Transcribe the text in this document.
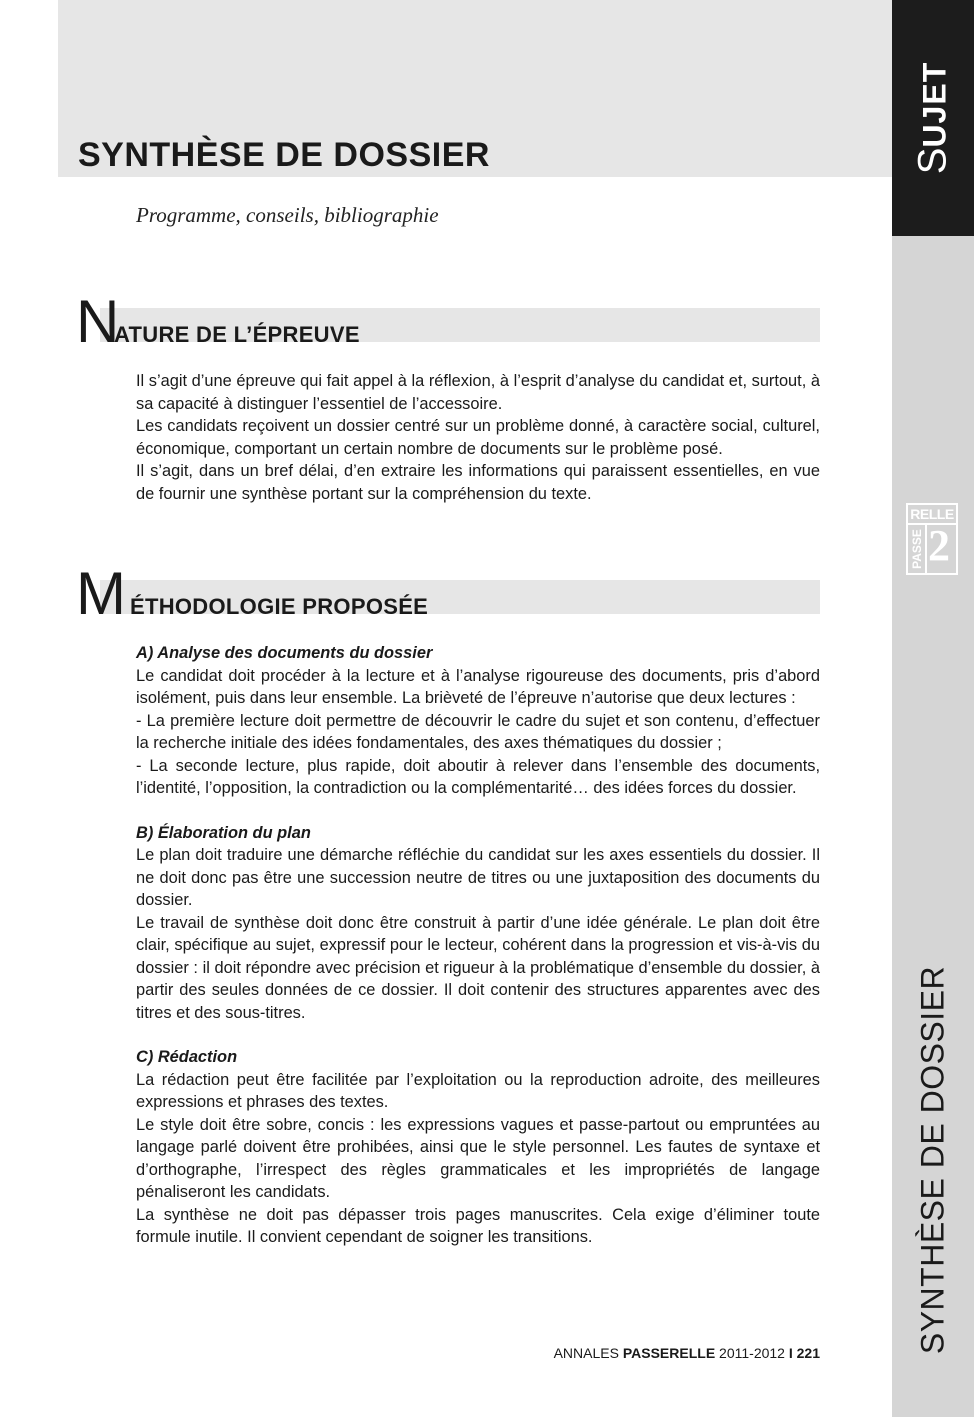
SYNTHÈSE DE DOSSIER
Programme, conseils, bibliographie
SUJET
RELLE
PASSE 2
SYNTHÈSE DE DOSSIER
N
ATURE DE L’ÉPREUVE

Il s’agit d’une épreuve qui fait appel à la réflexion, à l’esprit d’analyse du candidat et, surtout, à sa capacité à distinguer l’essentiel de l’accessoire.

Les candidats reçoivent un dossier centré sur un problème donné, à caractère social, culturel, économique, comportant un certain nombre de documents sur le problème posé.

Il s’agit, dans un bref délai, d’en extraire les informations qui paraissent essentielles, en vue de fournir une synthèse portant sur la compréhension du texte.

M ÉTHODOLOGIE PROPOSÉE

A) Analyse des documents du dossier

Le candidat doit procéder à la lecture et à l’analyse rigoureuse des documents, pris d’abord isolément, puis dans leur ensemble. La brièveté de l’épreuve n’autorise que deux lectures :

- La première lecture doit permettre de découvrir le cadre du sujet et son contenu, d’effectuer la recherche initiale des idées fondamentales, des axes thématiques du dossier ;

- La seconde lecture, plus rapide, doit aboutir à relever dans l’ensemble des documents, l’identité, l’opposition, la contradiction ou la complémentarité… des idées forces du dossier.

B) Élaboration du plan

Le plan doit traduire une démarche réfléchie du candidat sur les axes essentiels du dossier. Il ne doit donc pas être une succession neutre de titres ou une juxtaposition des documents du dossier.

Le travail de synthèse doit donc être construit à partir d’une idée générale. Le plan doit être clair, spécifique au sujet, expressif pour le lecteur, cohérent dans la progression et vis-à-vis du dossier : il doit répondre avec précision et rigueur à la problématique d’ensemble du dossier, à partir des seules données de ce dossier. Il doit contenir des structures apparentes avec des titres et des sous-titres.

C) Rédaction

La rédaction peut être facilitée par l’exploitation ou la reproduction adroite, des meilleures expressions et phrases des textes.

Le style doit être sobre, concis : les expressions vagues et passe-partout ou empruntées au langage parlé doivent être prohibées, ainsi que le style personnel. Les fautes de syntaxe et d’orthographe, l’irrespect des règles grammaticales et les impropriétés de langage pénaliseront les candidats.

La synthèse ne doit pas dépasser trois pages manuscrites. Cela exige d’éliminer toute formule inutile. Il convient cependant de soigner les transitions.

ANNALES PASSERELLE 2011-2012 I 221
